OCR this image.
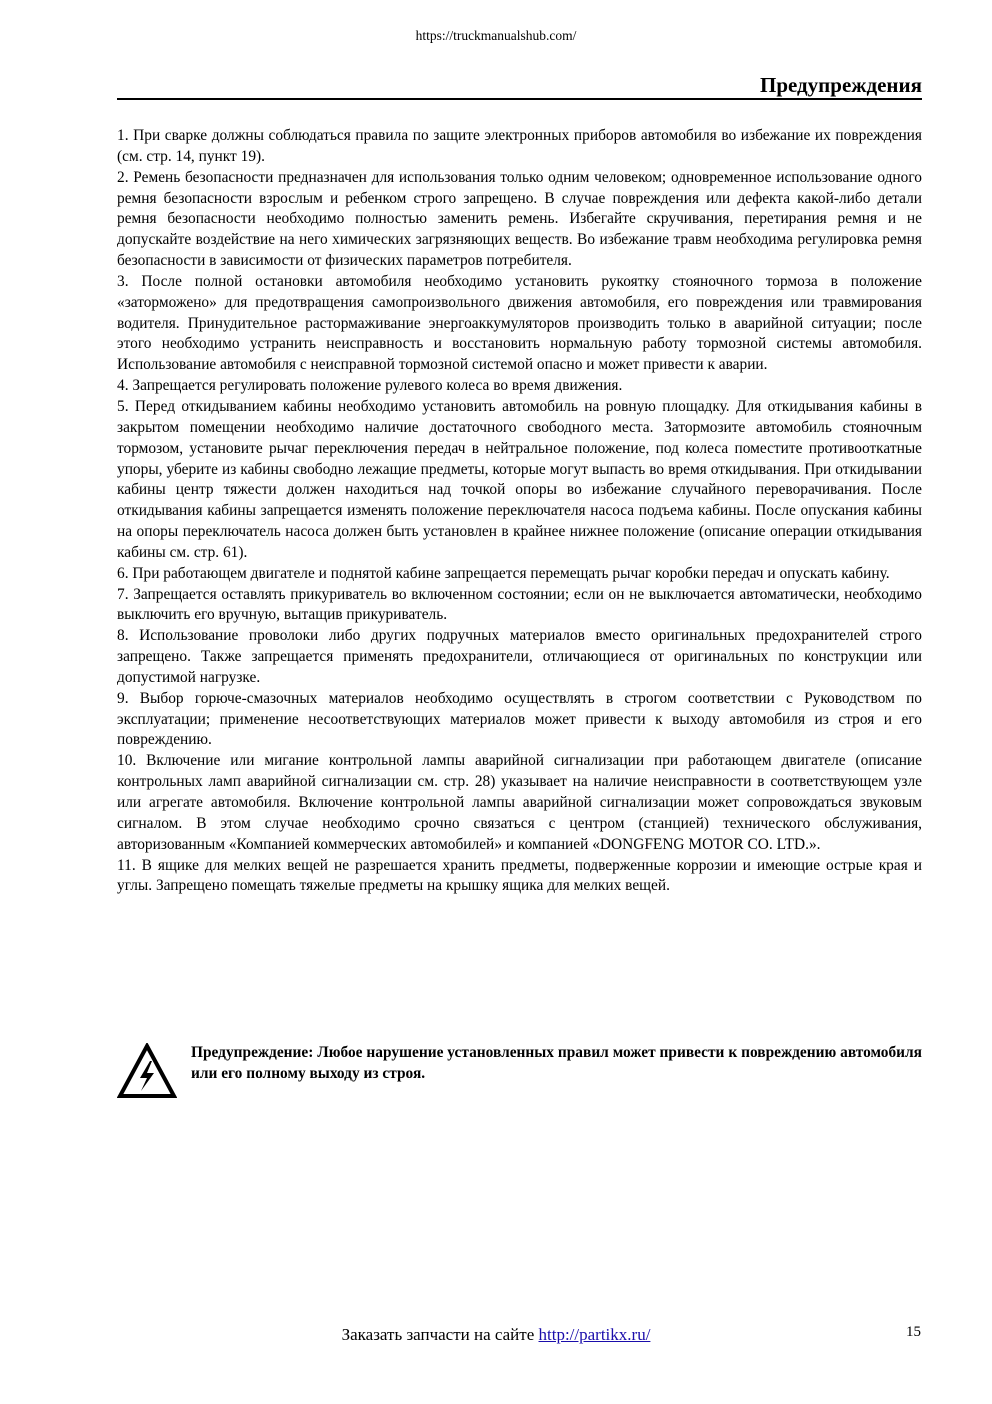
https://truckmanualshub.com/
Предупреждения

1. При сварке должны соблюдаться правила по защите электронных приборов автомобиля во избежание их повреждения (см. стр. 14, пункт 19).

2. Ремень безопасности предназначен для использования только одним человеком; одновременное использование одного ремня безопасности взрослым и ребенком строго запрещено. В случае повреждения или дефекта какой-либо детали ремня безопасности необходимо полностью заменить ремень. Избегайте скручивания, перетирания ремня и не допускайте воздействие на него химических загрязняющих веществ. Во избежание травм необходима регулировка ремня безопасности в зависимости от физических параметров потребителя.

3. После полной остановки автомобиля необходимо установить рукоятку стояночного тормоза в положение «заторможено» для предотвращения самопроизвольного движения автомобиля, его повреждения или травмирования водителя. Принудительное растормаживание энергоаккумуляторов производить только в аварийной ситуации; после этого необходимо устранить неисправность и восстановить нормальную работу тормозной системы автомобиля. Использование автомобиля с неисправной тормозной системой опасно и может привести к аварии.

4. Запрещается регулировать положение рулевого колеса во время движения.

5. Перед откидыванием кабины необходимо установить автомобиль на ровную площадку. Для откидывания кабины в закрытом помещении необходимо наличие достаточного свободного места. Затормозите автомобиль стояночным тормозом, установите рычаг переключения передач в нейтральное положение, под колеса поместите противооткатные упоры, уберите из кабины свободно лежащие предметы, которые могут выпасть во время откидывания. При откидывании кабины центр тяжести должен находиться над точкой опоры во избежание случайного переворачивания. После откидывания кабины запрещается изменять положение переключателя насоса подъема кабины. После опускания кабины на опоры переключатель насоса должен быть установлен в крайнее нижнее положение (описание операции откидывания кабины см. стр. 61).

6. При работающем двигателе и поднятой кабине запрещается перемещать рычаг коробки передач и опускать кабину.

7. Запрещается оставлять прикуриватель во включенном состоянии; если он не выключается автоматически, необходимо выключить его вручную, вытащив прикуриватель.

8. Использование проволоки либо других подручных материалов вместо оригинальных предохранителей строго запрещено. Также запрещается применять предохранители, отличающиеся от оригинальных по конструкции или допустимой нагрузке.

9. Выбор горюче-смазочных материалов необходимо осуществлять в строгом соответствии с Руководством по эксплуатации; применение несоответствующих материалов может привести к выходу автомобиля из строя и его повреждению.

10. Включение или мигание контрольной лампы аварийной сигнализации при работающем двигателе (описание контрольных ламп аварийной сигнализации см. стр. 28) указывает на наличие неисправности в соответствующем узле или агрегате автомобиля. Включение контрольной лампы аварийной сигнализации может сопровождаться звуковым сигналом. В этом случае необходимо срочно связаться с центром (станцией) технического обслуживания, авторизованным «Компанией коммерческих автомобилей» и компанией «DONGFENG MOTOR CO. LTD.».

11. В ящике для мелких вещей не разрешается хранить предметы, подверженные коррозии и имеющие острые края и углы. Запрещено помещать тяжелые предметы на крышку ящика для мелких вещей.

Предупреждение: Любое нарушение установленных правил может привести к повреждению автомобиля или его полному выходу из строя.
Заказать запчасти на сайте http://partikx.ru/	15
